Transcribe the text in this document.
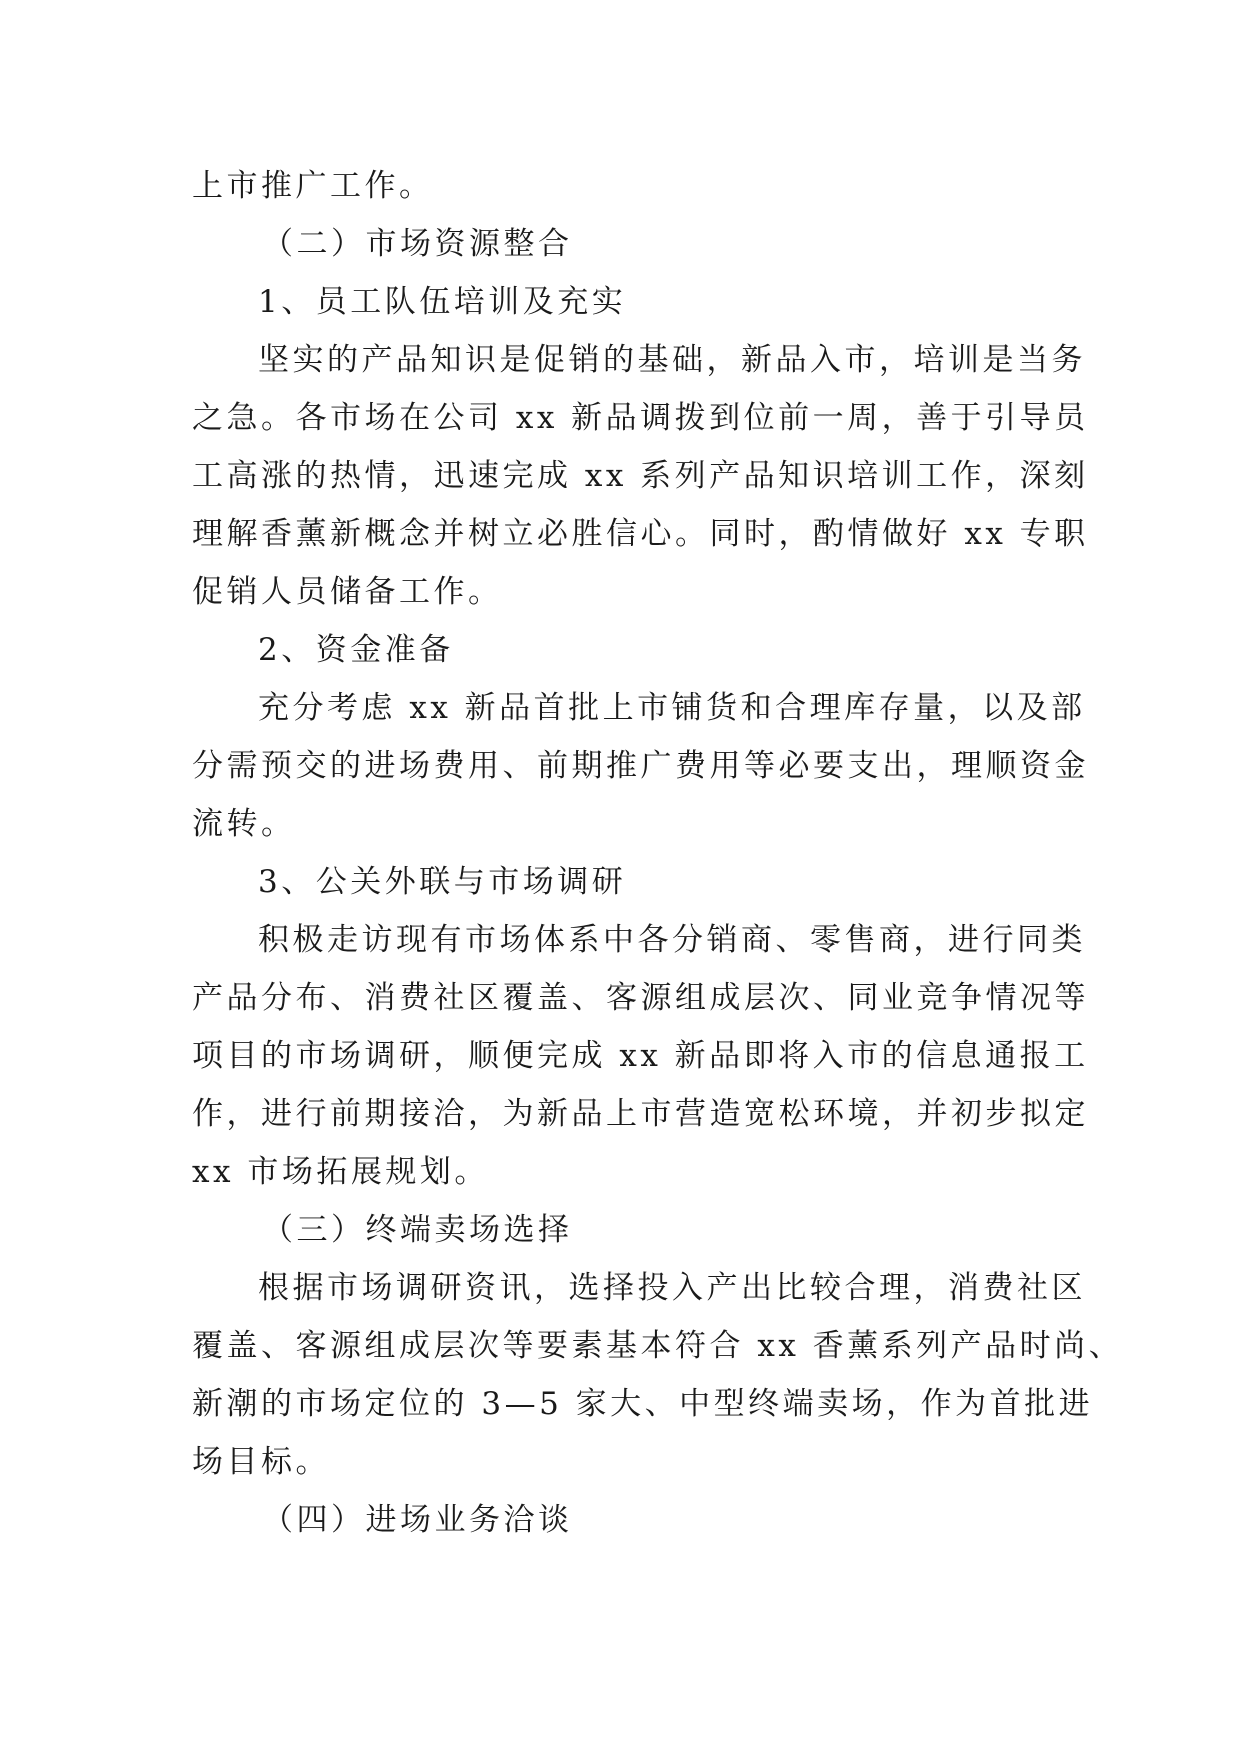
上市推广工作。
（二）市场资源整合
1、员工队伍培训及充实
坚实的产品知识是促销的基础，新品入市，培训是当务
之急。各市场在公司 xx 新品调拨到位前一周，善于引导员
工高涨的热情，迅速完成 xx 系列产品知识培训工作，深刻
理解香薰新概念并树立必胜信心。同时，酌情做好 xx 专职
促销人员储备工作。
2、资金准备
充分考虑 xx 新品首批上市铺货和合理库存量，以及部
分需预交的进场费用、前期推广费用等必要支出，理顺资金
流转。
3、公关外联与市场调研
积极走访现有市场体系中各分销商、零售商，进行同类
产品分布、消费社区覆盖、客源组成层次、同业竞争情况等
项目的市场调研，顺便完成 xx 新品即将入市的信息通报工
作，进行前期接洽，为新品上市营造宽松环境，并初步拟定
xx 市场拓展规划。
（三）终端卖场选择
根据市场调研资讯，选择投入产出比较合理，消费社区
覆盖、客源组成层次等要素基本符合 xx 香薰系列产品时尚、
新潮的市场定位的 3—5 家大、中型终端卖场，作为首批进
场目标。
（四）进场业务洽谈
